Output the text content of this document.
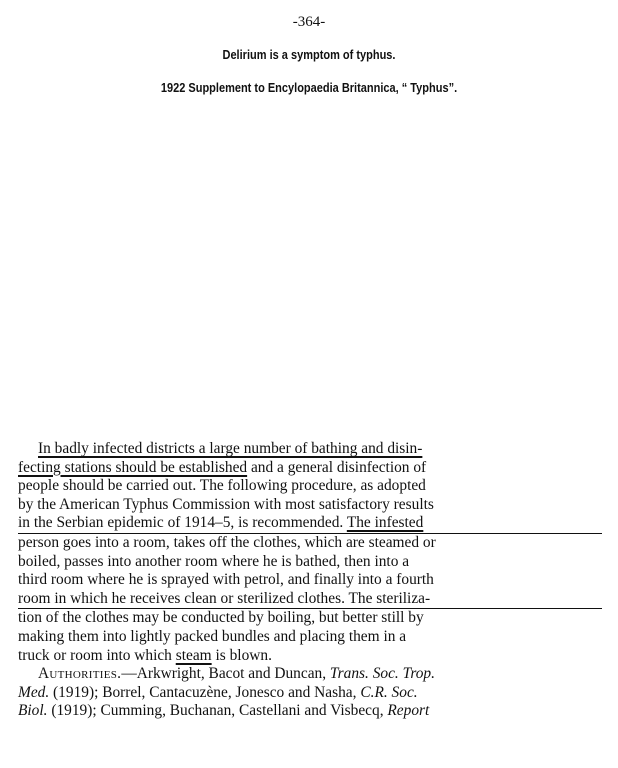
-364-
Delirium is a symptom of typhus.
1922 Supplement to Encylopaedia Britannica, “ Typhus”.
In badly infected districts a large number of bathing and disin-
fecting stations should be established and a general disinfection of
people should be carried out. The following procedure, as adopted
by the American Typhus Commission with most satisfactory results
in the Serbian epidemic of 1914–5, is recommended. The infested
person goes into a room, takes off the clothes, which are steamed or
boiled, passes into another room where he is bathed, then into a
third room where he is sprayed with petrol, and finally into a fourth
room in which he receives clean or sterilized clothes. The steriliza-
tion of the clothes may be conducted by boiling, but better still by
making them into lightly packed bundles and placing them in a
truck or room into which steam is blown.
Authorities.—Arkwright, Bacot and Duncan, Trans. Soc. Trop.
Med. (1919); Borrel, Cantacuzène, Jonesco and Nasha, C.R. Soc.
Biol. (1919); Cumming, Buchanan, Castellani and Visbecq, Report
